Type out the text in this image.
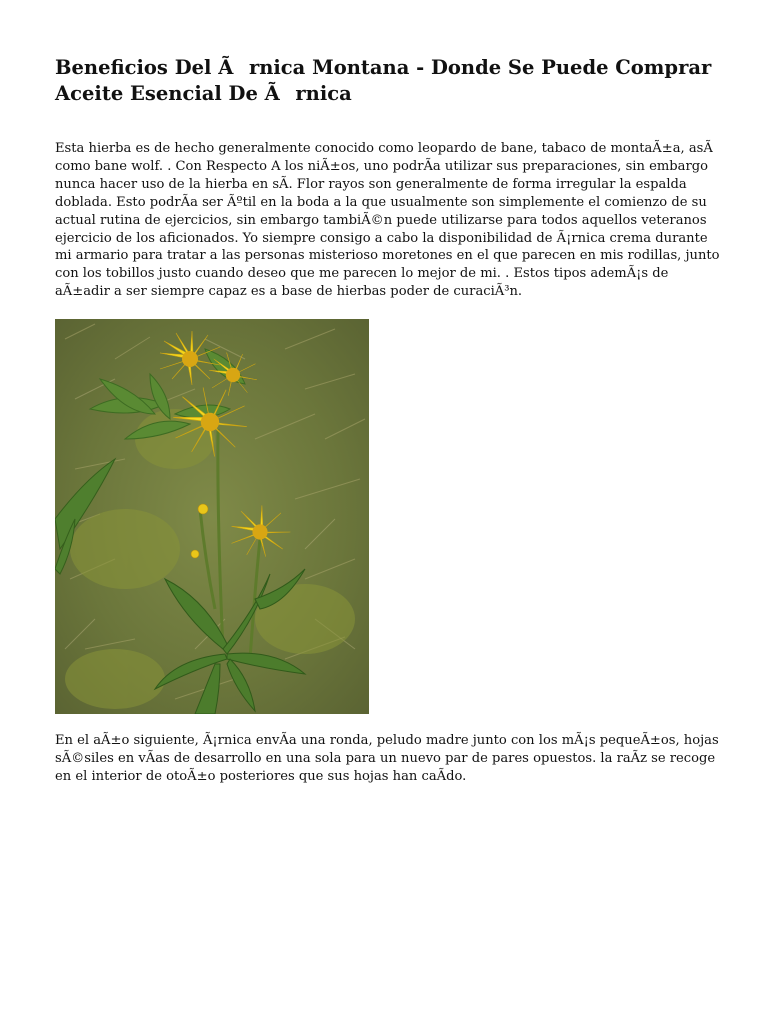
Beneficios Del Ãrnica Montana - Donde Se Puede Comprar Aceite Esencial De Ãrnica

Esta hierba es de hecho generalmente conocido como leopardo de bane, tabaco de montaÃ±a, asÃ como bane wolf. . Con Respecto A los niÃ±os, uno podrÃa utilizar sus preparaciones, sin embargo nunca hacer uso de la hierba en sÃ. Flor rayos son generalmente de forma irregular la espalda doblada. Esto podrÃa ser Ãºtil en la boda a la que usualmente son simplemente el comienzo de su actual rutina de ejercicios, sin embargo tambiÃ©n puede utilizarse para todos aquellos veteranos ejercicio de los aficionados. Yo siempre consigo a cabo la disponibilidad de Ã¡rnica crema durante mi armario para tratar a las personas misterioso moretones en el que parecen en mis rodillas, junto con los tobillos justo cuando deseo que me parecen lo mejor de mi. . Estos tipos ademÃ¡s de aÃ±adir a ser siempre capaz es a base de hierbas poder de curaciÃ³n.

En el aÃ±o siguiente, Ã¡rnica envÃa una ronda, peludo madre junto con los mÃ¡s pequeÃ±os, hojas sÃ©siles en vÃas de desarrollo en una sola para un nuevo par de pares opuestos. la raÃz se recoge en el interior de otoÃ±o posteriores que sus hojas han caÃdo.
